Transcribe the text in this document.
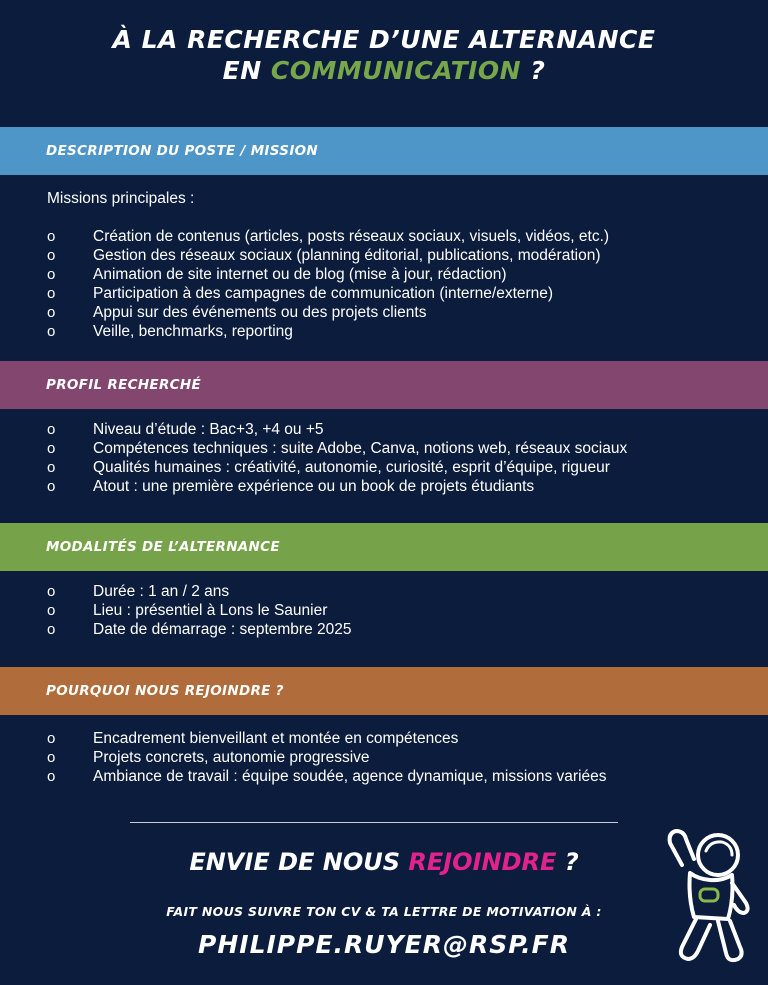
À LA RECHERCHE D’UNE ALTERNANCE
EN COMMUNICATION ?
DESCRIPTION DU POSTE / MISSION
Missions principales :
o Création de contenus (articles, posts réseaux sociaux, visuels, vidéos, etc.)
o Gestion des réseaux sociaux (planning éditorial, publications, modération)
o Animation de site internet ou de blog (mise à jour, rédaction)
o Participation à des campagnes de communication (interne/externe)
o Appui sur des événements ou des projets clients
o Veille, benchmarks, reporting
PROFIL RECHERCHÉ
o Niveau d’étude : Bac+3, +4 ou +5
o Compétences techniques : suite Adobe, Canva, notions web, réseaux sociaux
o Qualités humaines : créativité, autonomie, curiosité, esprit d’équipe, rigueur
o Atout : une première expérience ou un book de projets étudiants
MODALITÉS DE L’ALTERNANCE
o Durée : 1 an / 2 ans
o Lieu : présentiel à Lons le Saunier
o Date de démarrage : septembre 2025
POURQUOI NOUS REJOINDRE ?
o Encadrement bienveillant et montée en compétences
o Projets concrets, autonomie progressive
o Ambiance de travail : équipe soudée, agence dynamique, missions variées
ENVIE DE NOUS REJOINDRE ?
FAIT NOUS SUIVRE TON CV & TA LETTRE DE MOTIVATION À :
PHILIPPE.RUYER@RSP.FR
